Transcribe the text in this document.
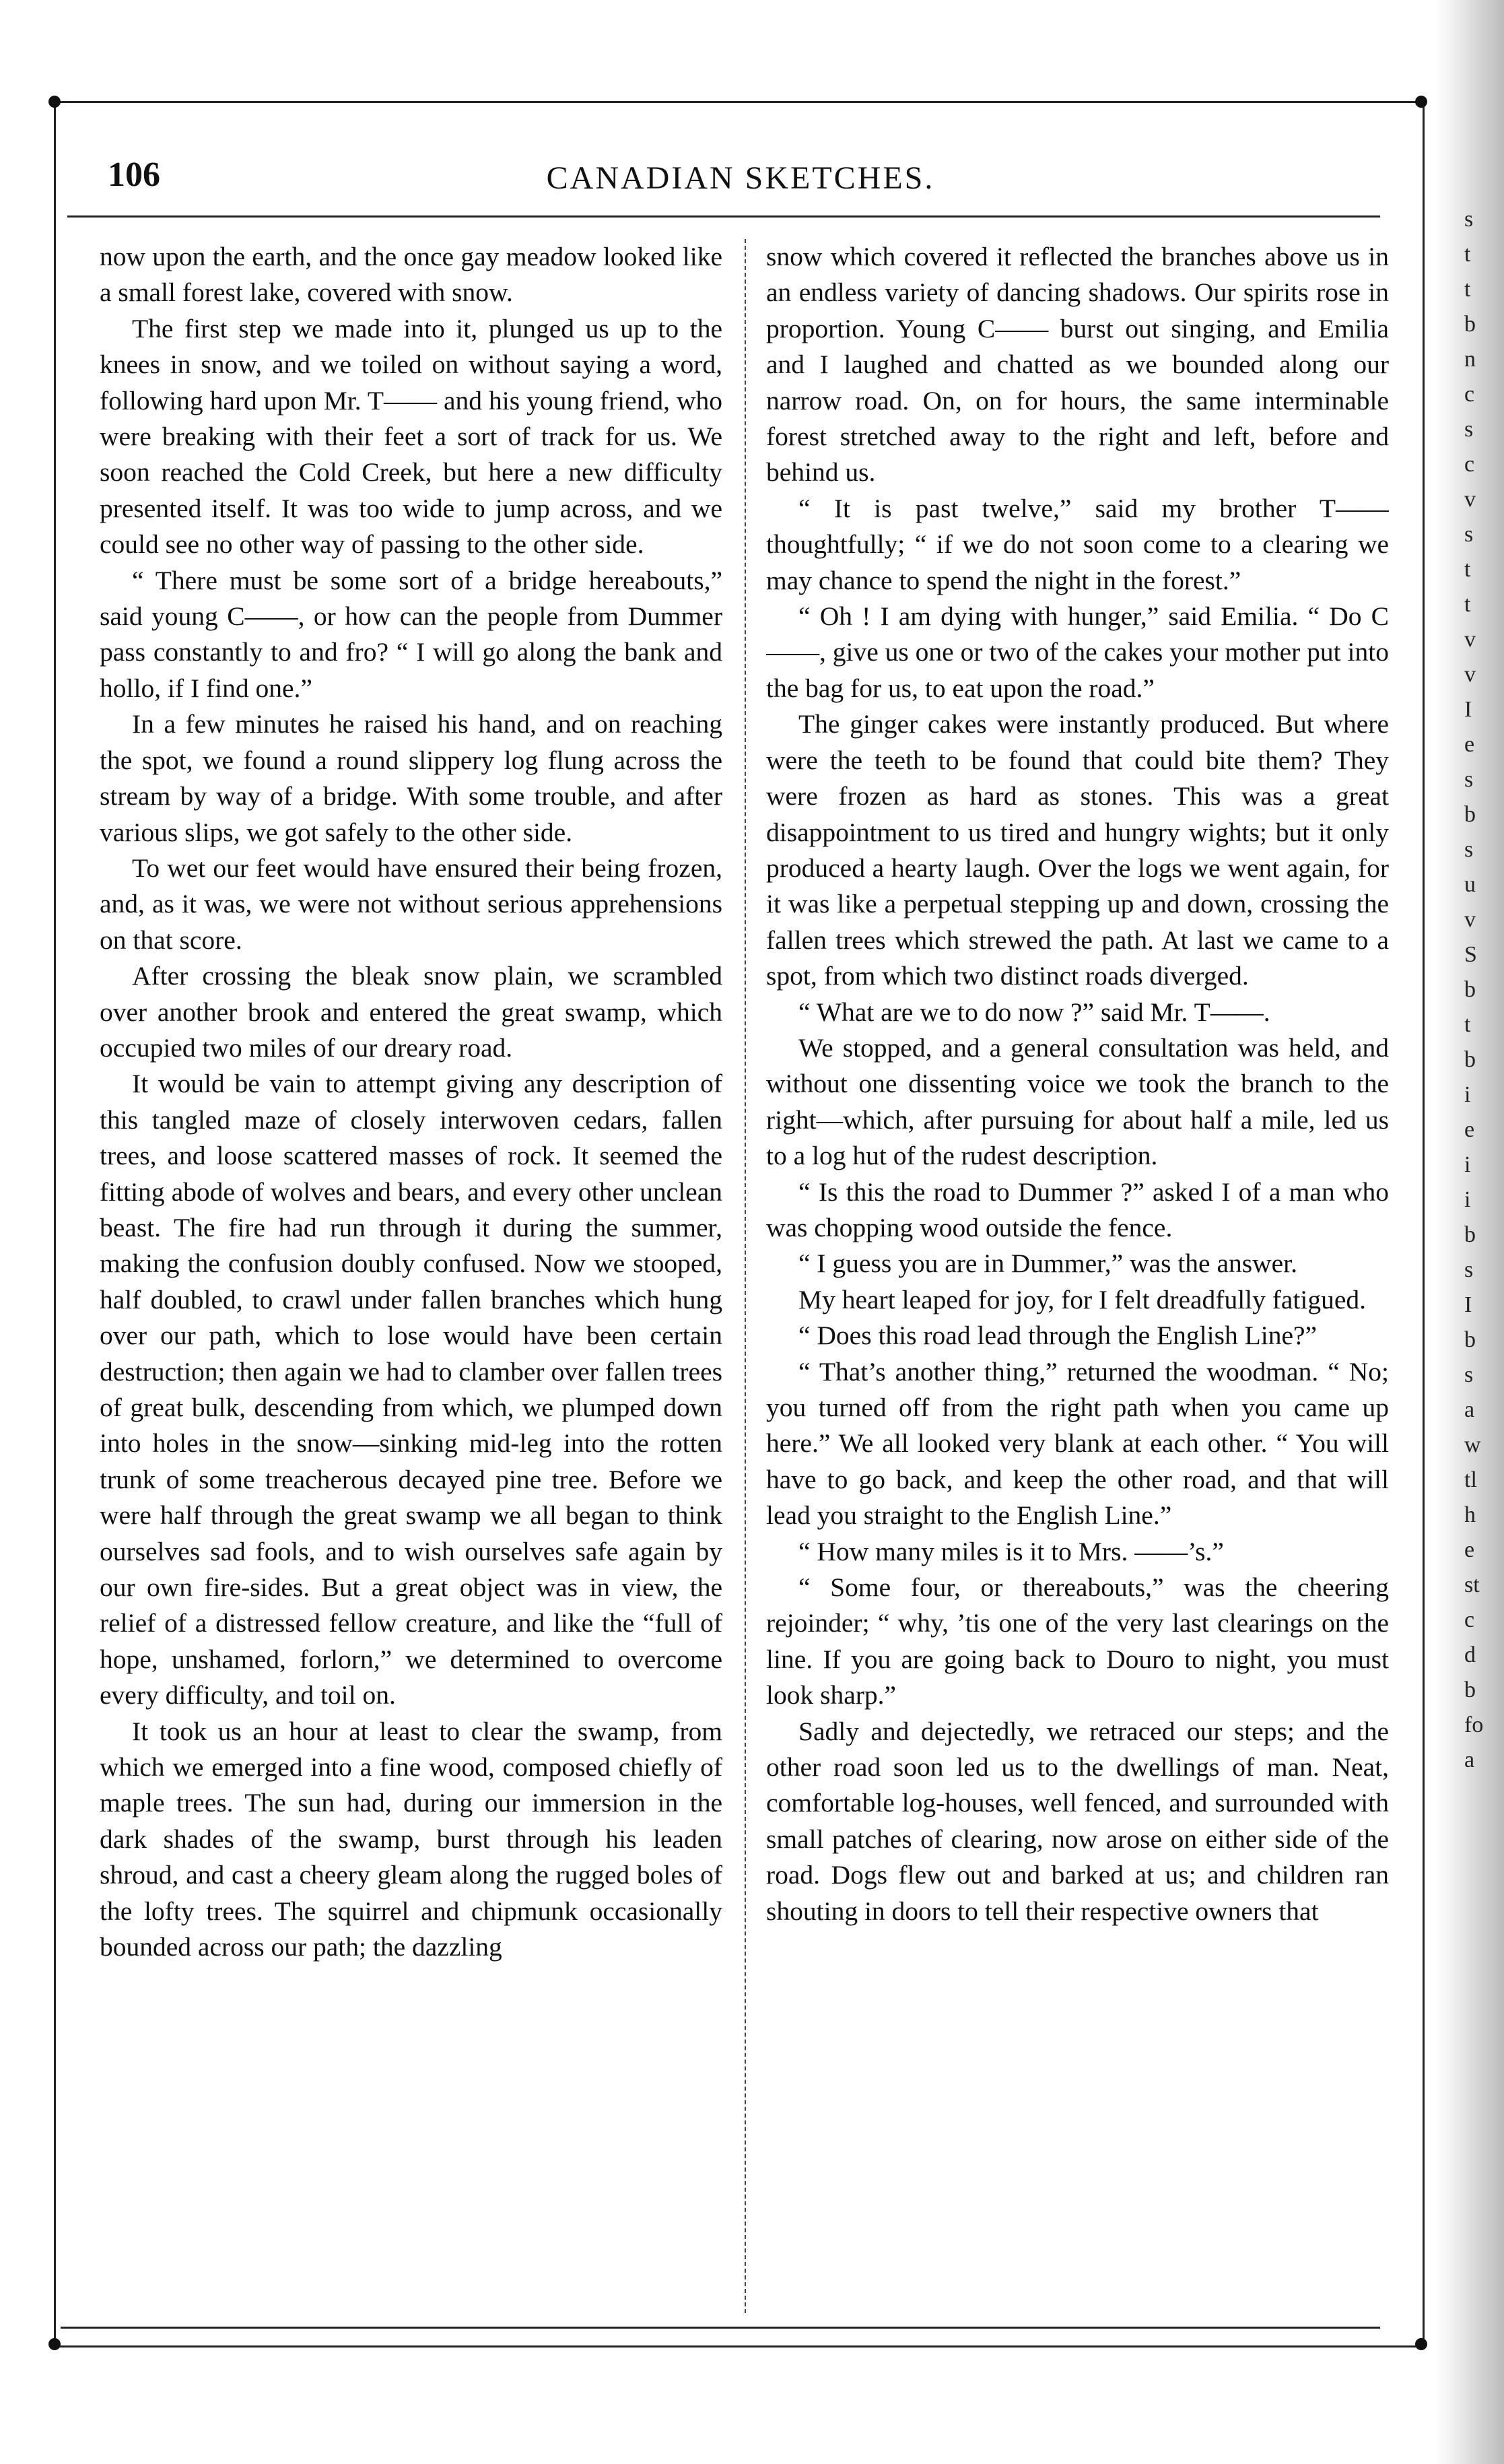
106	CANADIAN SKETCHES.

now upon the earth, and the once gay meadow looked like a small forest lake, covered with snow.

The first step we made into it, plunged us up to the knees in snow, and we toiled on without saying a word, following hard upon Mr. T—— and his young friend, who were breaking with their feet a sort of track for us. We soon reached the Cold Creek, but here a new difficulty presented itself. It was too wide to jump across, and we could see no other way of passing to the other side.

“ There must be some sort of a bridge hereabouts,” said young C——, or how can the people from Dummer pass constantly to and fro? “ I will go along the bank and hollo, if I find one.”

In a few minutes he raised his hand, and on reaching the spot, we found a round slippery log flung across the stream by way of a bridge. With some trouble, and after various slips, we got safely to the other side.

To wet our feet would have ensured their being frozen, and, as it was, we were not without serious apprehensions on that score.

After crossing the bleak snow plain, we scrambled over another brook and entered the great swamp, which occupied two miles of our dreary road.

It would be vain to attempt giving any description of this tangled maze of closely interwoven cedars, fallen trees, and loose scattered masses of rock. It seemed the fitting abode of wolves and bears, and every other unclean beast. The fire had run through it during the summer, making the confusion doubly confused. Now we stooped, half doubled, to crawl under fallen branches which hung over our path, which to lose would have been certain destruction; then again we had to clamber over fallen trees of great bulk, descending from which, we plumped down into holes in the snow—sinking mid-leg into the rotten trunk of some treacherous decayed pine tree. Before we were half through the great swamp we all began to think ourselves sad fools, and to wish ourselves safe again by our own fire-sides. But a great object was in view, the relief of a distressed fellow creature, and like the “full of hope, unshamed, forlorn,” we determined to overcome every difficulty, and toil on.

It took us an hour at least to clear the swamp, from which we emerged into a fine wood, composed chiefly of maple trees. The sun had, during our immersion in the dark shades of the swamp, burst through his leaden shroud, and cast a cheery gleam along the rugged boles of the lofty trees. The squirrel and chipmunk occasionally bounded across our path; the dazzling

snow which covered it reflected the branches above us in an endless variety of dancing shadows. Our spirits rose in proportion. Young C—— burst out singing, and Emilia and I laughed and chatted as we bounded along our narrow road. On, on for hours, the same interminable forest stretched away to the right and left, before and behind us.

“ It is past twelve,” said my brother T—— thoughtfully; “ if we do not soon come to a clearing we may chance to spend the night in the forest.”

“ Oh ! I am dying with hunger,” said Emilia. “ Do C——, give us one or two of the cakes your mother put into the bag for us, to eat upon the road.”

The ginger cakes were instantly produced. But where were the teeth to be found that could bite them? They were frozen as hard as stones. This was a great disappointment to us tired and hungry wights; but it only produced a hearty laugh. Over the logs we went again, for it was like a perpetual stepping up and down, crossing the fallen trees which strewed the path. At last we came to a spot, from which two distinct roads diverged.

“ What are we to do now ?” said Mr. T——.

We stopped, and a general consultation was held, and without one dissenting voice we took the branch to the right—which, after pursuing for about half a mile, led us to a log hut of the rudest description.

“ Is this the road to Dummer ?” asked I of a man who was chopping wood outside the fence.

“ I guess you are in Dummer,” was the answer.

My heart leaped for joy, for I felt dreadfully fatigued.

“ Does this road lead through the English Line?”

“ That’s another thing,” returned the woodman. “ No; you turned off from the right path when you came up here.” We all looked very blank at each other. “ You will have to go back, and keep the other road, and that will lead you straight to the English Line.”

“ How many miles is it to Mrs. ——’s.”

“ Some four, or thereabouts,” was the cheering rejoinder; “ why, ’tis one of the very last clearings on the line. If you are going back to Douro to night, you must look sharp.”

Sadly and dejectedly, we retraced our steps; and the other road soon led us to the dwellings of man. Neat, comfortable log-houses, well fenced, and surrounded with small patches of clearing, now arose on either side of the road. Dogs flew out and barked at us; and children ran shouting in doors to tell their respective owners that

s
t
t
b
n
c
s
c
v
s
t
t
v
v
I
e
s
b
s
u
v
S
b
t
b
i
e
i
i
b
s
I
b
s
a
w
tl
h
e
st
c
d
b
fo
a
